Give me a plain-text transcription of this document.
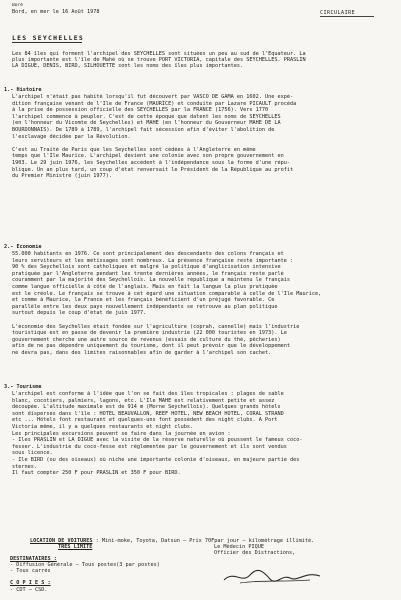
Boré
Bord, en mer le 16 Août 1978	CIRCULAIRE
LES SEYCHELLES
LOCATION DE VOITURES : Mini-moke, Toyota, Datsun – Prix 70Fpar jour – kilométrage illimité.
TRES LIMITE	Le Médecin PIQUE
Officier des Distractions,
DESTINATAIRES :
- Diffusion Générale – Tous postes(3 par postes)
- Tous carrés
C O P I E S :
- CDT – CSD.
Les 84 îles qui forment l'archipel des SEYCHELLES sont situées un peu au sud de l'Equateur. La
plus importante est l'île de Mahé où se trouve PORT VICTORIA, capitale des SEYCHELLES. PRASLIN
LA DIGUE, DENIS, BIRD, SILHOUETTE sont les noms des îles plus importantes.
1.- Histoire
L'archipel n'était pas habité lorsqu'il fut découvert par VASCO DE GAMA en 1602. Une expé-
dition française venant de l'Ile de France (MAURICE) et conduite par Lazare PICAULT procéda
à la prise de possession officielle des SEYCHELLES par la FRANCE (1756). Vers 1770
l'archipel commence à peupler. C'est de cette époque que datent les noms de SEYCHELLES
(en l'honneur du Vicomte de Seychelles) et MAHE (en l'honneur du Gouverneur MAHE DE LA
BOURDONNAIS). De 1789 à 1789, l'archipel fait sécession afin d'éviter l'abolition de
l'esclavage décidée par la Révolution.
C'est au Traité de Paris que les Seychelles sont cédées à l'Angleterre en même
temps que l'Ile Maurice. L'archipel devient une colonie avec son propre gouvernement en
1903. Le 29 juin 1976, les Seychelles accèdent à l'indépendance sous la forme d'une répu-
blique. Un an plus tard, un coup d'état renversait le Président de la République au profit
du Premier Ministre (juin 1977).
2.- Economie
55.000 habitants en 1976. Ce sont principalement des descendants des colons français et
leurs serviteurs et les métissages sont nombreux. La présence française reste importante :
90 % des Seychellois sont catholiques et malgré la politique d'anglicisation intensive
pratiquée par l'Angleterre pendant les trente dernières années, le français reste parlé
couramment par la majorité des Seychellois. La nouvelle république a maintenu le français
comme langue officielle à côté de l'anglais. Mais en fait la langue la plus pratiquée
est le créole. Le français se trouve à cet égard une situation comparable à celle de l'Ile Maurice,
et comme à Maurice, la France et les français bénéficient d'un préjugé favorable. Ce
parallèle entre les deux pays nouvellement indépendants se retrouve au plan politique
surtout depuis le coup d'état de juin 1977.
L'économie des Seychelles était fondée sur l'agriculture (coprah, cannelle) mais l'industrie
touristique est en passe de devenir la première industrie (22 000 touristes en 1973). Le
gouvernement cherche une autre source de revenus (essais de culture du thé, pêcheries)
afin de ne pas dépendre uniquement du tourisme, dont il peut prévoir que le développement
ne devra pas, dans des limites raisonnables afin de garder à l'archipel son cachet.
3.- Tourisme
L'archipel est conforme à l'idée que l'on se fait des îles tropicales : plages de sable
blanc, cocotiers, palmiers, lagons, etc. L'Ile MAHE est relativement petite et assez
découpée. L'altitude maximale est de 914 m (Morne Seychellois). Quelques grands hôtels
sont dispersés dans l'île : HOTEL BEAUVALLON, REEF HOTEL, NEW BEACH HOTEL, CORAL STRAND
etc ... Hôtels font restaurant et quelques-uns font possèdent des night clubs. A Port
Victoria même, il y a quelques restaurants et night clubs.
Les principales excursions peuvent se faire dans la journée en avion :
- Iles PRASLIN et LA DIGUE avec la visite de la réserve naturelle où poussent le fameux coco-
fesser. L'industrie du coco-fesse est réglementée par le gouvernement et ils sont vendus
sous licence.
- Ile BIRD (ou des oiseaux) où niche une importante colonie d'oiseaux, en majeure partie des
sternes.
Il faut compter 250 F pour PRASLIN et 350 F pour BIRD.
